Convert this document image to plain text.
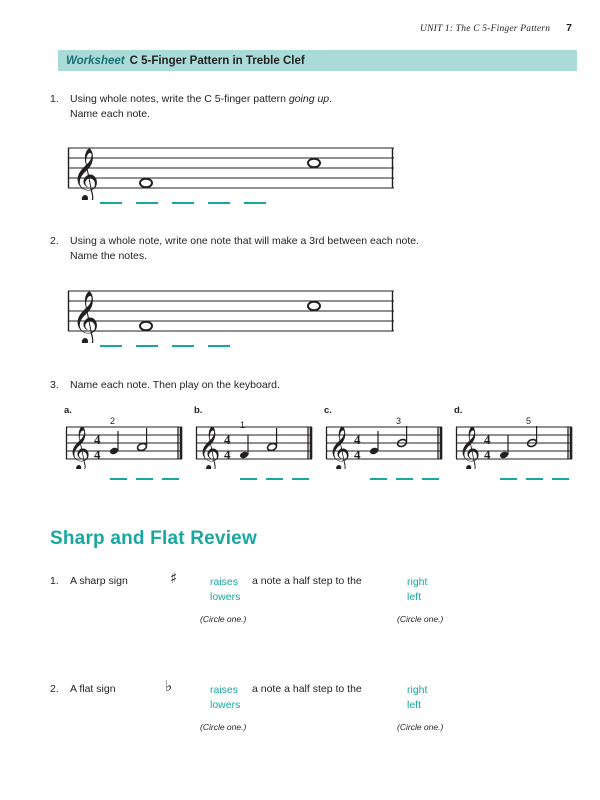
UNIT 1: The C 5-Finger Pattern 7
Worksheet C 5-Finger Pattern in Treble Clef
1.	Using whole notes, write the C 5-finger pattern going up.
Name each note.
𝄞
2.	Using a whole note, write one note that will make a 3rd between each note.
Name the notes.
𝄞
3.	Name each note. Then play on the keyboard.
a.
𝄞 4
4
2
b.
𝄞 4
4
1
c.
𝄞 4
4
3
d.
𝄞 4
4
5
Sharp and Flat Review
1. A sharp sign	♯	raises
lowers
a note a half step to the	right
left
(Circle one.)	(Circle one.)
2. A flat sign	♭	raises
lowers
a note a half step to the	right
left
(Circle one.)	(Circle one.)
